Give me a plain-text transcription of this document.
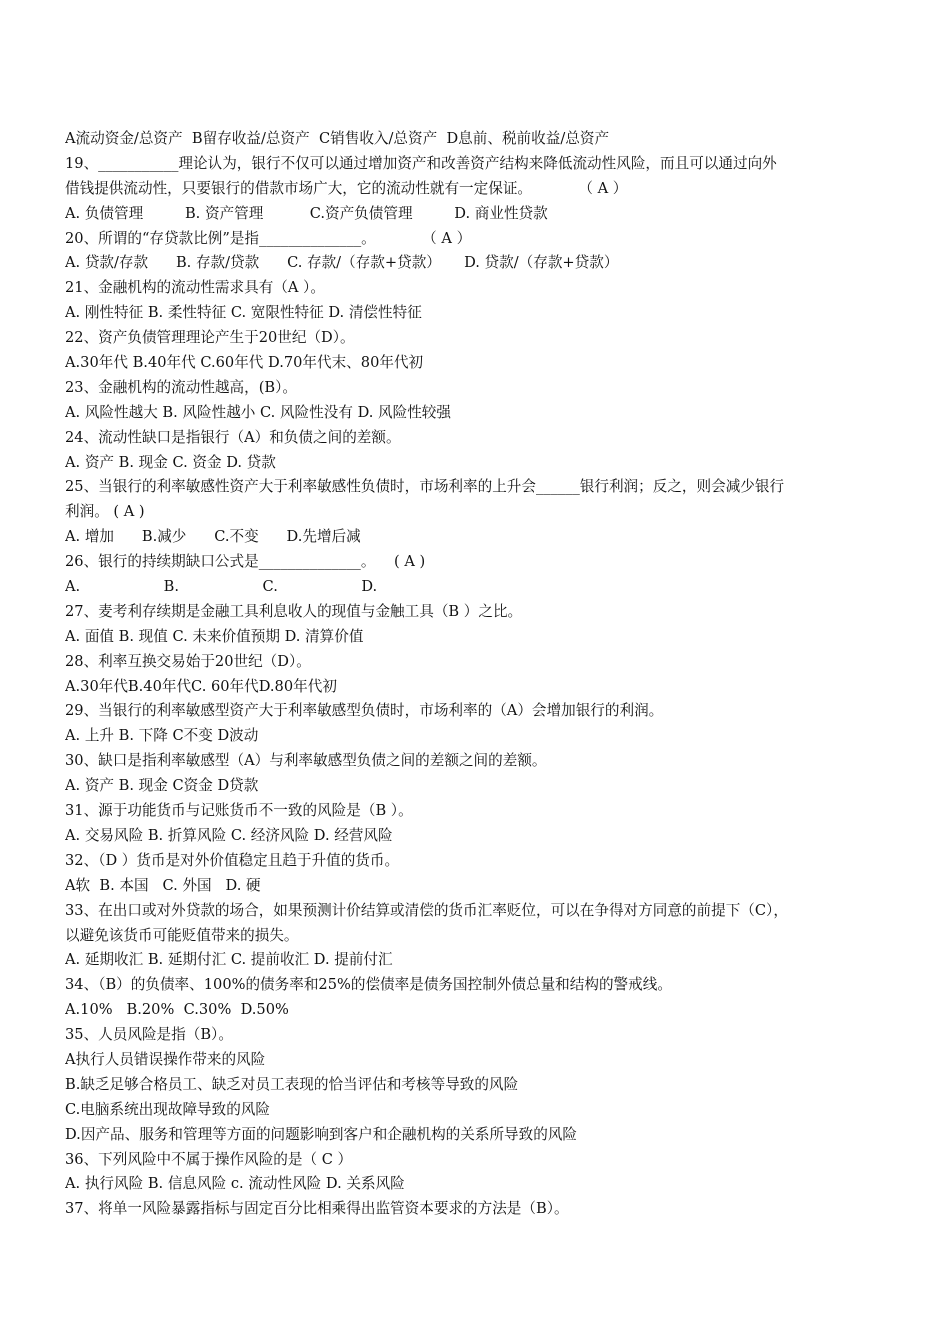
A流动资金/总资产  B留存收益/总资产  C销售收入/总资产  D息前、税前收益/总资产
19、___________理论认为，银行不仅可以通过增加资产和改善资产结构来降低流动性风险，而且可以通过向外
借钱提供流动性，只要银行的借款市场广大，它的流动性就有一定保证。          （ A ）
A. 负债管理         B. 资产管理          C.资产负债管理         D. 商业性贷款
20、所谓的“存贷款比例”是指______________。          （ A ）
A. 贷款/存款      B. 存款/贷款      C. 存款/（存款+贷款）     D. 贷款/（存款+贷款）
21、金融机构的流动性需求具有（A ）。
A. 刚性特征 B. 柔性特征 C. 宽限性特征 D. 清偿性特征
22、资产负债管理理论产生于20世纪（D）。
A.30年代 B.40年代 C.60年代 D.70年代末、80年代初
23、金融机构的流动性越高，(B）。
A. 风险性越大 B. 风险性越小 C. 风险性没有 D. 风险性较强
24、流动性缺口是指银行（A）和负债之间的差额。
A. 资产 B. 现金 C. 资金 D. 贷款
25、当银行的利率敏感性资产大于利率敏感性负债时，市场利率的上升会______银行利润；反之，则会减少银行
利润。 ( A )
A. 增加      B.减少      C.不变      D.先增后减
26、银行的持续期缺口公式是______________。    ( A )
A.                  B.                  C.                  D.
27、麦考利存续期是金融工具利息收人的现值与金触工具（B ）之比。
A. 面值 B. 现值 C. 未来价值预期 D. 清算价值
28、利率互换交易始于20世纪（D）。
A.30年代B.40年代C. 60年代D.80年代初
29、当银行的利率敏感型资产大于利率敏感型负债时，市场利率的（A）会增加银行的利润。
A. 上升 B. 下降 C不变 D波动
30、缺口是指利率敏感型（A）与利率敏感型负债之间的差额之间的差额。
A. 资产 B. 现金 C资金 D贷款
31、源于功能货币与记账货币不一致的风险是（B ）。
A. 交易风险 B. 折算风险 C. 经济风险 D. 经营风险
32、（D ）货币是对外价值稳定且趋于升值的货币。
A软  B. 本国   C. 外国   D. 硬
33、在出口或对外贷款的场合，如果预测计价结算或清偿的货币汇率贬位，可以在争得对方同意的前提下（C），
以避免该货币可能贬值带来的损失。
A. 延期收汇 B. 延期付汇 C. 提前收汇 D. 提前付汇
34、（B）的负债率、100%的债务率和25%的偿债率是债务国控制外债总量和结构的警戒线。
A.10%   B.20%  C.30%  D.50%
35、人员风险是指（B）。
A执行人员错误操作带来的风险
B.缺乏足够合格员工、缺乏对员工表现的恰当评估和考核等导致的风险
C.电脑系统出现故障导致的风险
D.因产品、服务和管理等方面的问题影响到客户和企融机构的关系所导致的风险
36、下列风险中不属于操作风险的是（ C ）
A. 执行风险 B. 信息风险 c. 流动性风险 D. 关系风险
37、将单一风险暴露指标与固定百分比相乘得出监管资本要求的方法是（B）。
